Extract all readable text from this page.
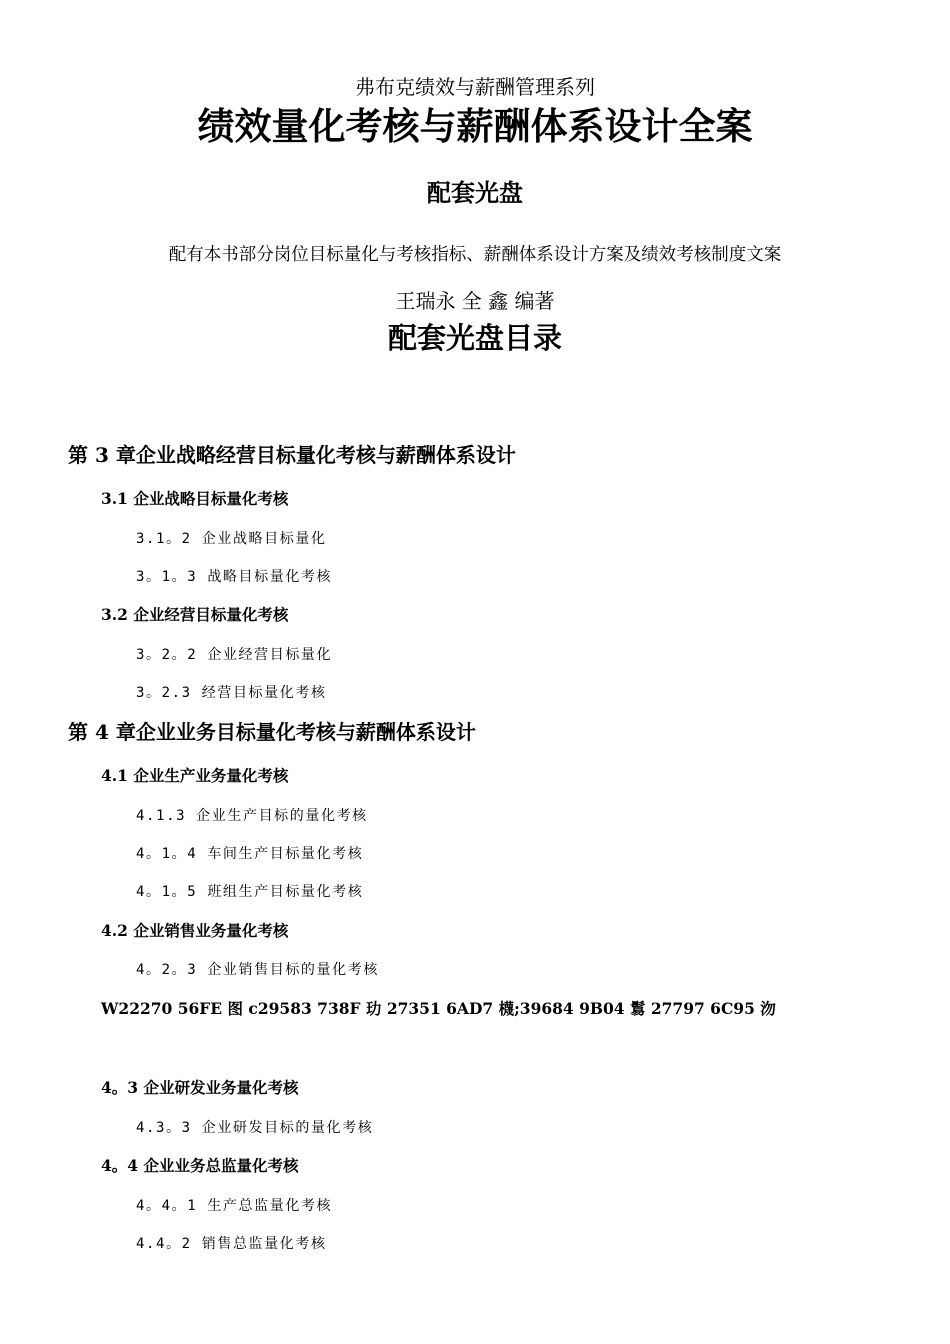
弗布克绩效与薪酬管理系列
绩效量化考核与薪酬体系设计全案
配套光盘
配有本书部分岗位目标量化与考核指标、薪酬体系设计方案及绩效考核制度文案
王瑞永 全 鑫 编著
配套光盘目录
第 3 章企业战略经营目标量化考核与薪酬体系设计
3.1 企业战略目标量化考核
3.1。2 企业战略目标量化
3。1。3 战略目标量化考核
3.2 企业经营目标量化考核
3。2。2 企业经营目标量化
3。2.3 经营目标量化考核
第 4 章企业业务目标量化考核与薪酬体系设计
4.1 企业生产业务量化考核
4.1.3 企业生产目标的量化考核
4。1。4 车间生产目标量化考核
4。1。5 班组生产目标量化考核
4.2 企业销售业务量化考核
4。2。3 企业销售目标的量化考核
W22270 56FE 图 c29583 738F 玏 27351 6AD7 櫗;39684 9B04 鬄 27797 6C95 沕
4。3 企业研发业务量化考核
4.3。3 企业研发目标的量化考核
4。4 企业业务总监量化考核
4。4。1 生产总监量化考核
4.4。2 销售总监量化考核
